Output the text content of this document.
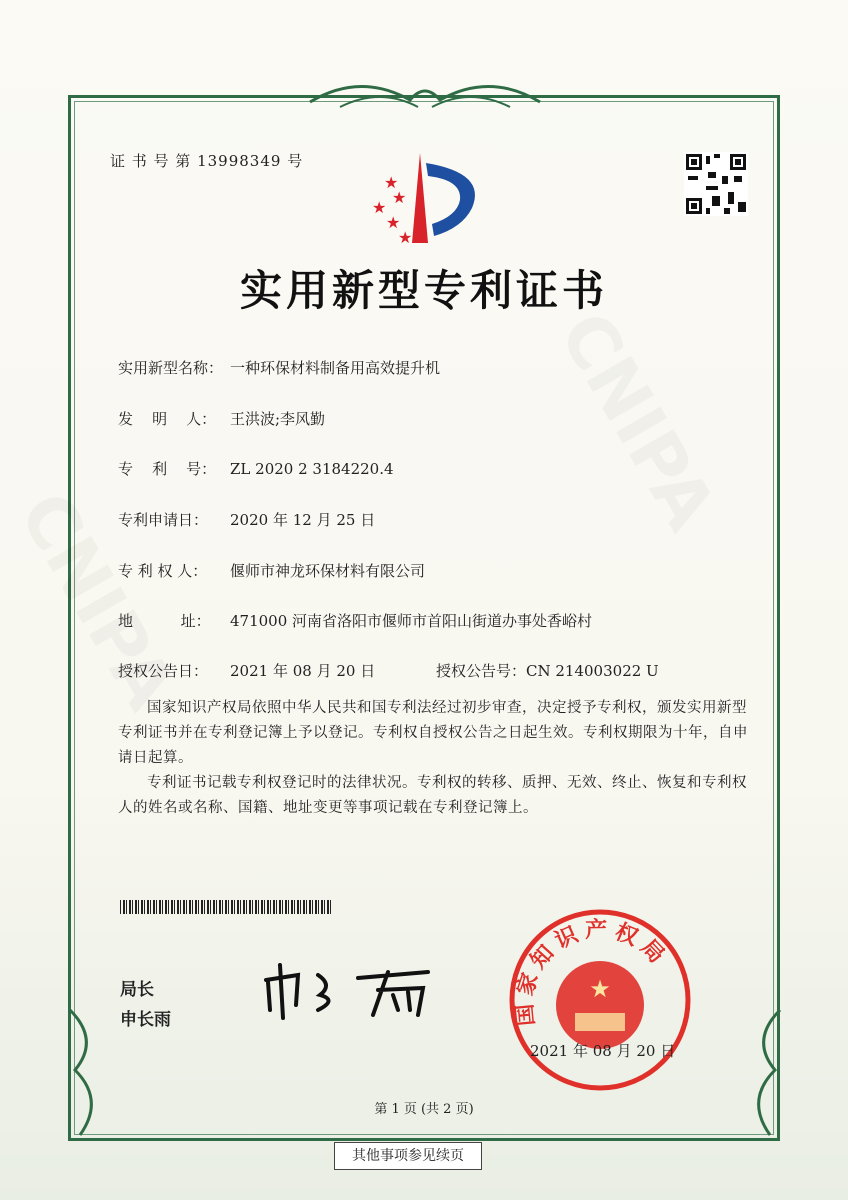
证 书 号 第 13998349 号
★
★
★
★
★
实用新型专利证书
实用新型名称： 一种环保材料制备用高效提升机
发    明    人： 王洪波;李风勤
专    利    号： ZL 2020 2 3184220.4
专利申请日： 2020 年 12 月 25 日
专 利 权 人： 偃师市神龙环保材料有限公司
地          址： 471000 河南省洛阳市偃师市首阳山街道办事处香峪村
授权公告日： 2021 年 08 月 20 日	授权公告号：CN 214003022 U
国家知识产权局依照中华人民共和国专利法经过初步审查，决定授予专利权，颁发实用新型专利证书并在专利登记簿上予以登记。专利权自授权公告之日起生效。专利权期限为十年，自申请日起算。
专利证书记载专利权登记时的法律状况。专利权的转移、质押、无效、终止、恢复和专利权人的姓名或名称、国籍、地址变更等事项记载在专利登记簿上。
局长
申长雨
★
国家知识产权局
2021 年 08 月 20 日
第 1 页 (共 2 页)
其他事项参见续页
